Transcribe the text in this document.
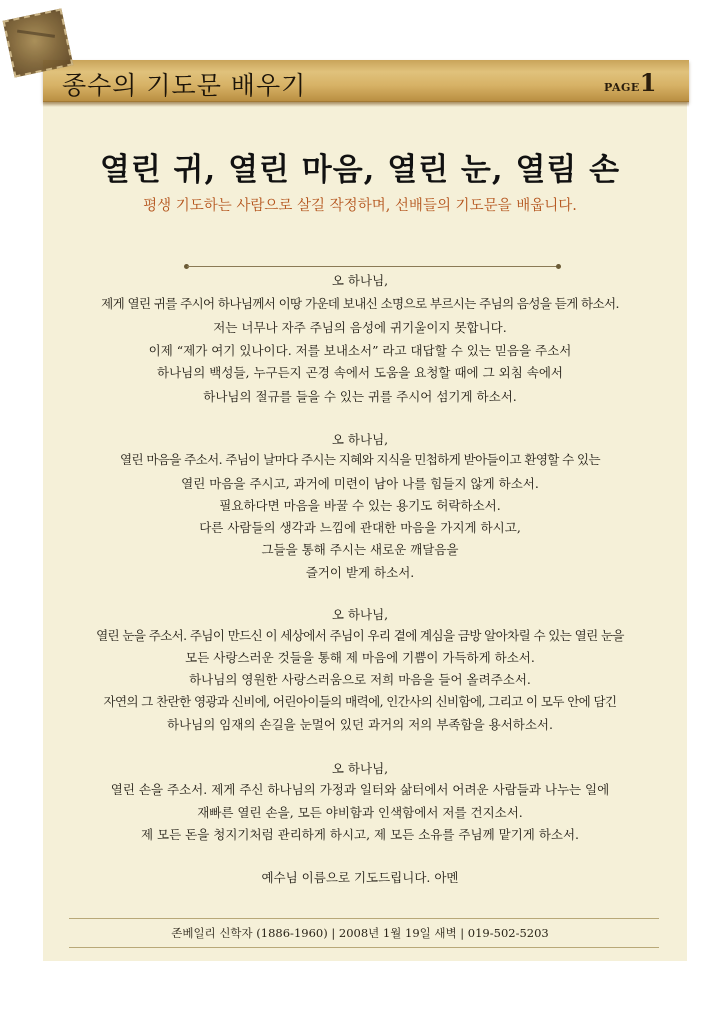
종수의 기도문 배우기	PAGE1
열린 귀, 열린 마음, 열린 눈, 열림 손
평생 기도하는 사람으로 살길 작정하며, 선배들의 기도문을 배웁니다.
오 하나님,
제게 열린 귀를 주시어 하나님께서 이땅 가운데 보내신 소명으로 부르시는 주님의 음성을 듣게 하소서.
저는 너무나 자주 주님의 음성에 귀기울이지 못합니다.
이제 “제가 여기 있나이다. 저를 보내소서” 라고 대답할 수 있는 믿음을 주소서
하나님의 백성들, 누구든지 곤경 속에서 도움을 요청할 때에 그 외침 속에서
하나님의 절규를 들을 수 있는 귀를 주시어 섬기게 하소서.
오 하나님,
열린 마음을 주소서. 주님이 날마다 주시는 지혜와 지식을 민첩하게 받아들이고 환영할 수 있는
열린 마음을 주시고, 과거에 미련이 남아 나를 힘들지 않게 하소서.
필요하다면 마음을 바꿀 수 있는 용기도 허락하소서.
다른 사람들의 생각과 느낌에 관대한 마음을 가지게 하시고,
그들을 통해 주시는 새로운 깨달음을
즐거이 받게 하소서.
오 하나님,
열린 눈을 주소서. 주님이 만드신 이 세상에서 주님이 우리 곁에 계심을 금방 알아차릴 수 있는 열린 눈을
모든 사랑스러운 것들을 통해 제 마음에 기쁨이 가득하게 하소서.
하나님의 영원한 사랑스러움으로 저희 마음을 들어 올려주소서.
자연의 그 찬란한 영광과 신비에, 어린아이들의 매력에, 인간사의 신비함에, 그리고 이 모두 안에 담긴
하나님의 임재의 손길을 눈멀어 있던 과거의 저의 부족함을 용서하소서.
오 하나님,
열린 손을 주소서. 제게 주신 하나님의 가정과 일터와 삶터에서 어려운 사람들과 나누는 일에
재빠른 열린 손을, 모든 야비함과 인색함에서 저를 건지소서.
제 모든 돈을 청지기처럼 관리하게 하시고, 제 모든 소유를 주님께 맡기게 하소서.
예수님 이름으로 기도드립니다. 아멘
존베일리 신학자 (1886-1960) | 2008년 1월 19일 새벽 | 019-502-5203
